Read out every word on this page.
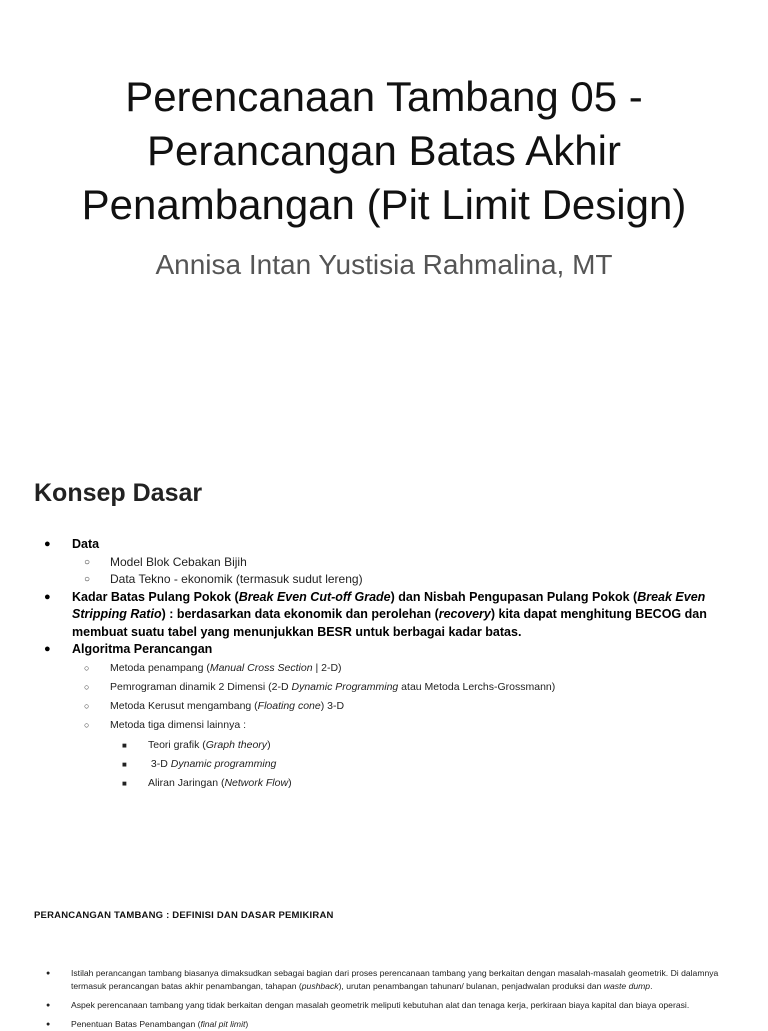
Perencanaan Tambang 05 -
Perancangan Batas Akhir
Penambangan (Pit Limit Design)
Annisa Intan Yustisia Rahmalina, MT
Konsep Dasar
● Data
○ Model Blok Cebakan Bijih
○ Data Tekno - ekonomik (termasuk sudut lereng)
● Kadar Batas Pulang Pokok (Break Even Cut-off Grade) dan Nisbah Pengupasan Pulang Pokok (Break Even Stripping Ratio) : berdasarkan data ekonomik dan perolehan (recovery) kita dapat menghitung BECOG dan membuat suatu tabel yang menunjukkan BESR untuk berbagai kadar batas.
● Algoritma Perancangan
○ Metoda penampang (Manual Cross Section | 2-D)
○ Pemrograman dinamik 2 Dimensi (2-D Dynamic Programming atau Metoda Lerchs-Grossmann)
○ Metoda Kerusut mengambang (Floating cone) 3-D
○ Metoda tiga dimensi lainnya :
■ Teori grafik (Graph theory)
■ 3-D Dynamic programming
■ Aliran Jaringan (Network Flow)
PERANCANGAN TAMBANG : DEFINISI DAN DASAR PEMIKIRAN
● Istilah perancangan tambang biasanya dimaksudkan sebagai bagian dari proses perencanaan tambang yang berkaitan dengan masalah-masalah geometrik. Di dalamnya termasuk perancangan batas akhir penambangan, tahapan (pushback), urutan penambangan tahunan/ bulanan, penjadwalan produksi dan waste dump.
● Aspek perencanaan tambang yang tidak berkaitan dengan masalah geometrik meliputi kebutuhan alat dan tenaga kerja, perkiraan biaya kapital dan biaya operasi.
● Penentuan Batas Penambangan (final pit limit)
